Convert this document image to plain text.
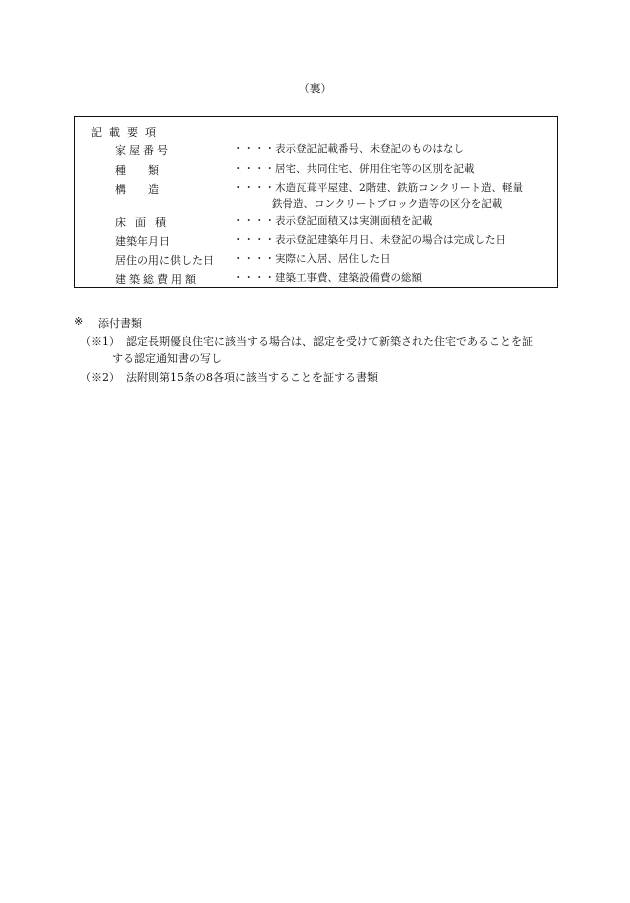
（裏）
記載要項
家屋番号	・・・・表示登記記載番号、未登記のものはなし
種　　類	・・・・居宅、共同住宅、併用住宅等の区別を記載
構　　造	・・・・木造瓦葺平屋建、2階建、鉄筋コンクリート造、軽量
鉄骨造、コンクリートブロック造等の区分を記載
床面積	・・・・表示登記面積又は実測面積を記載
建築年月日	・・・・表示登記建築年月日、未登記の場合は完成した日
居住の用に供した日 ・・・・実際に入居、居住した日
建築総費用額	・・・・建築工事費、建築設備費の総額
※ 添付書類
（※1） 認定長期優良住宅に該当する場合は、認定を受けて新築された住宅であることを証
する認定通知書の写し
（※2） 法附則第15条の8各項に該当することを証する書類
